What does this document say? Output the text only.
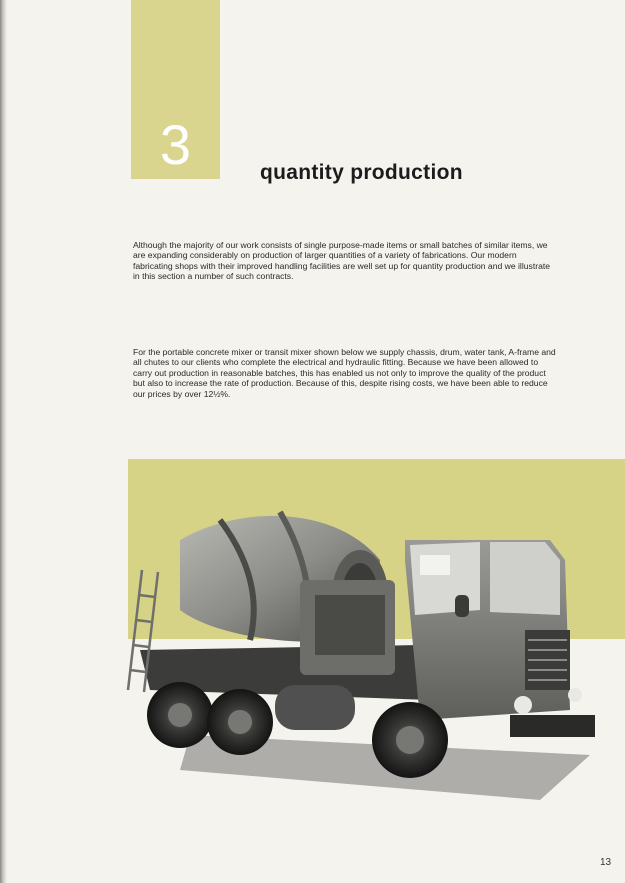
3	quantity production

Although the majority of our work consists of single purpose-made items or small batches of similar items, we are expanding considerably on production of larger quantities of a variety of fabrications. Our modern fabricating shops with their improved handling facilities are well set up for quantity production and we illustrate in this section a number of such contracts.

For the portable concrete mixer or transit mixer shown below we supply chassis, drum, water tank, A-frame and all chutes to our clients who complete the electrical and hydraulic fitting. Because we have been allowed to carry out production in reasonable batches, this has enabled us not only to improve the quality of the product but also to increase the rate of production. Because of this, despite rising costs, we have been able to reduce our prices by over 12½%.

13
